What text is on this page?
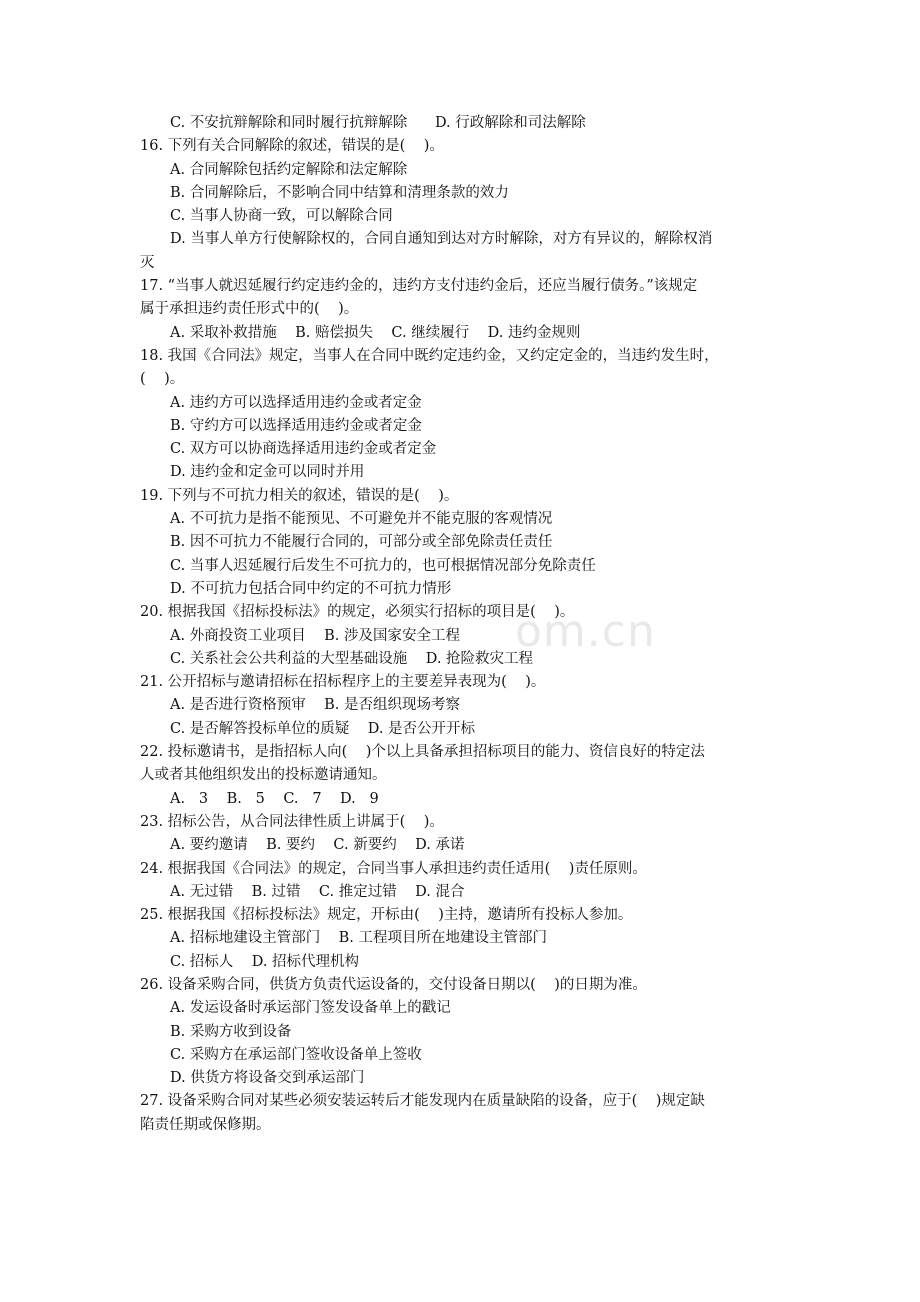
om.cn
C. 不安抗辩解除和同时履行抗辩解除      D. 行政解除和司法解除
16. 下列有关合同解除的叙述，错误的是(    )。
A. 合同解除包括约定解除和法定解除
B. 合同解除后，不影响合同中结算和清理条款的效力
C. 当事人协商一致，可以解除合同
D. 当事人单方行使解除权的，合同自通知到达对方时解除，对方有异议的，解除权消
灭
17. “当事人就迟延履行约定违约金的，违约方支付违约金后，还应当履行债务。”该规定
属于承担违约责任形式中的(    )。
A. 采取补救措施    B. 赔偿损失    C. 继续履行    D. 违约金规则
18. 我国《合同法》规定，当事人在合同中既约定违约金，又约定定金的，当违约发生时，
(    )。
A. 违约方可以选择适用违约金或者定金
B. 守约方可以选择适用违约金或者定金
C. 双方可以协商选择适用违约金或者定金
D. 违约金和定金可以同时并用
19. 下列与不可抗力相关的叙述，错误的是(    )。
A. 不可抗力是指不能预见、不可避免并不能克服的客观情况
B. 因不可抗力不能履行合同的，可部分或全部免除责任责任
C. 当事人迟延履行后发生不可抗力的，也可根据情况部分免除责任
D. 不可抗力包括合同中约定的不可抗力情形
20. 根据我国《招标投标法》的规定，必须实行招标的项目是(    )。
A. 外商投资工业项目    B. 涉及国家安全工程
C. 关系社会公共利益的大型基础设施    D. 抢险救灾工程
21. 公开招标与邀请招标在招标程序上的主要差异表现为(    )。
A. 是否进行资格预审    B. 是否组织现场考察
C. 是否解答投标单位的质疑    D. 是否公开开标
22. 投标邀请书，是指招标人向(    )个以上具备承担招标项目的能力、资信良好的特定法
人或者其他组织发出的投标邀请通知。
A.   3    B.   5    C.   7    D.   9
23. 招标公告，从合同法律性质上讲属于(    )。
A. 要约邀请    B. 要约    C. 新要约    D. 承诺
24. 根据我国《合同法》的规定，合同当事人承担违约责任适用(    )责任原则。
A. 无过错    B. 过错    C. 推定过错    D. 混合
25. 根据我国《招标投标法》规定，开标由(    )主持，邀请所有投标人参加。
A. 招标地建设主管部门    B. 工程项目所在地建设主管部门
C. 招标人    D. 招标代理机构
26. 设备采购合同，供货方负责代运设备的，交付设备日期以(    )的日期为准。
A. 发运设备时承运部门签发设备单上的戳记
B. 采购方收到设备
C. 采购方在承运部门签收设备单上签收
D. 供货方将设备交到承运部门
27. 设备采购合同对某些必须安装运转后才能发现内在质量缺陷的设备，应于(    )规定缺
陷责任期或保修期。
